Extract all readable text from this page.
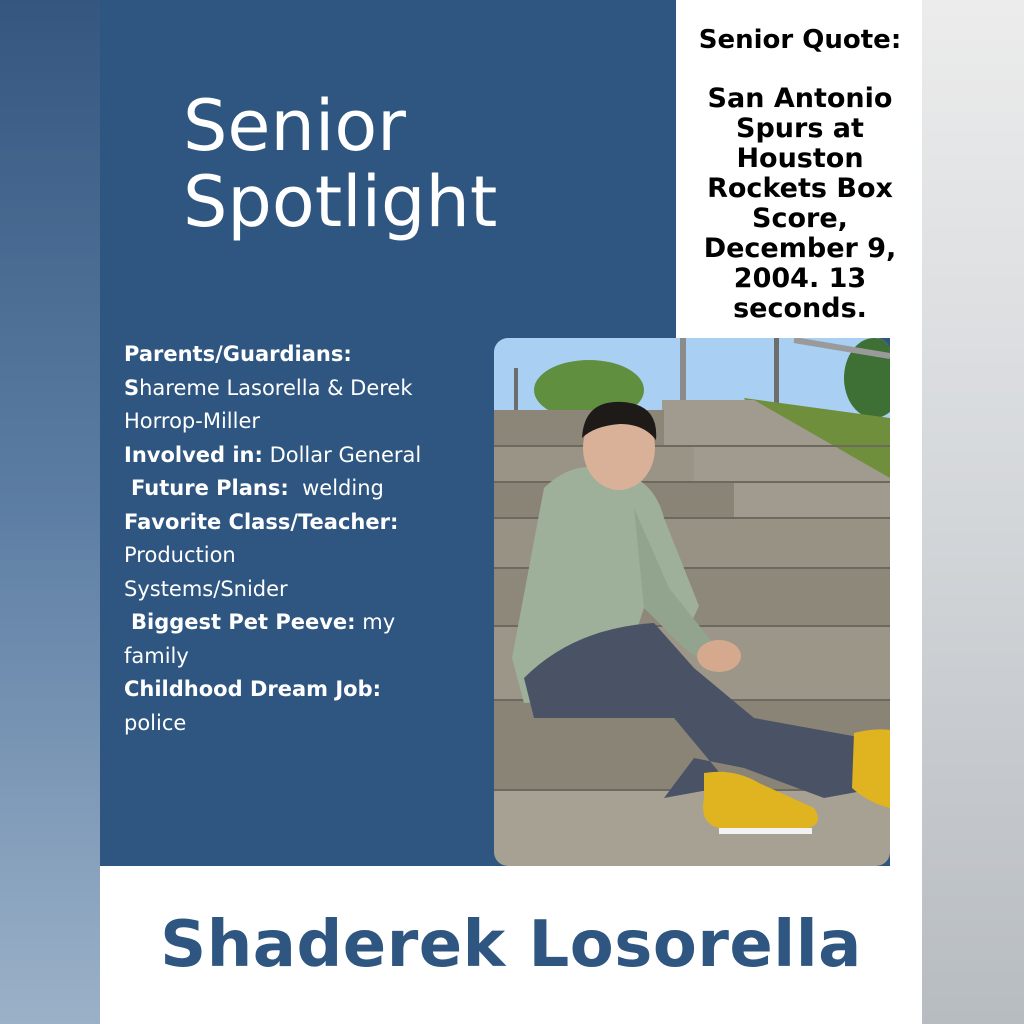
Senior
Spotlight
Senior Quote:
San Antonio Spurs at Houston Rockets Box Score, December 9, 2004. 13 seconds.
Parents/Guardians:
Shareme Lasorella & Derek
Horrop-Miller
Involved in: Dollar General
Future Plans:  welding
Favorite Class/Teacher:
Production
Systems/Snider
Biggest Pet Peeve: my
family
Childhood Dream Job:
police
Shaderek Losorella
